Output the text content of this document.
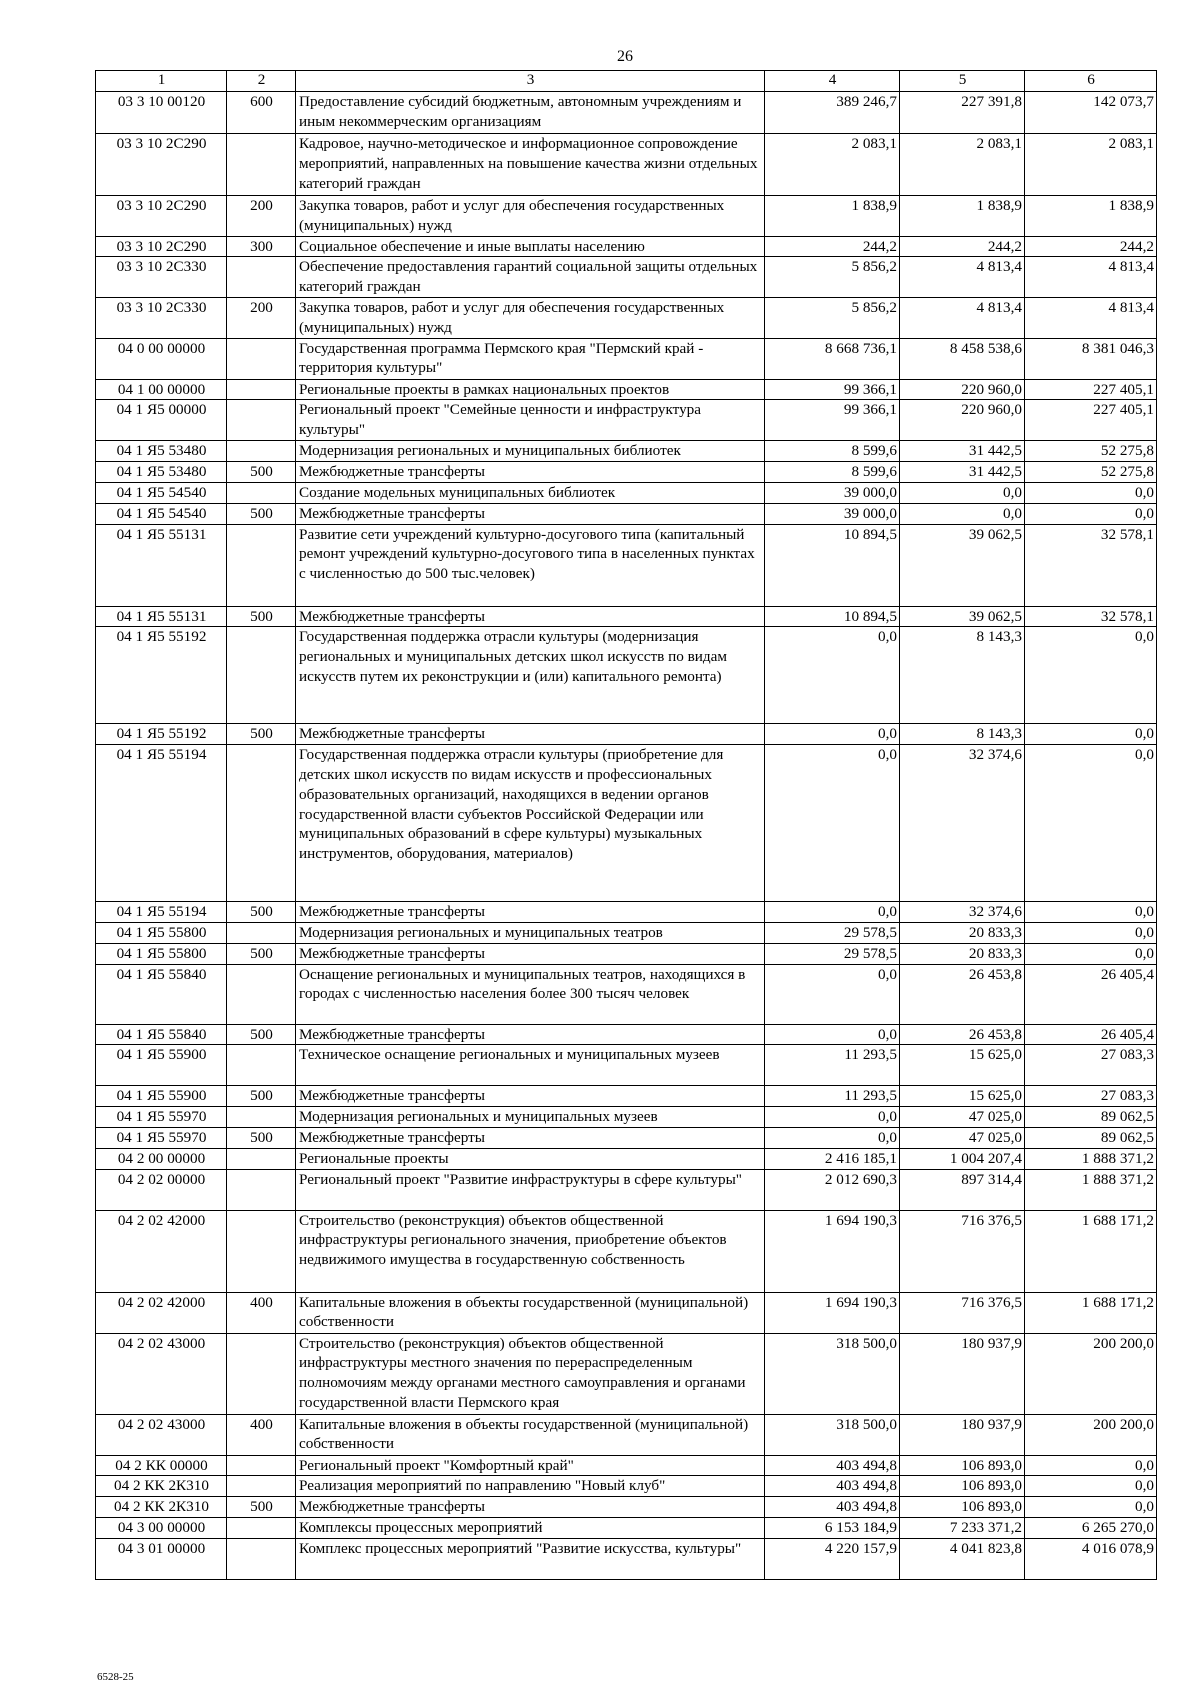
26
1	2	3	4	5	6
03 3 10 00120	600	Предоставление субсидий бюджетным, автономным учреждениям и иным некоммерческим организациям	389 246,7	227 391,8	142 073,7
03 3 10 2С290		Кадровое, научно-методическое и информационное сопровождение мероприятий, направленных на повышение качества жизни отдельных категорий граждан	2 083,1	2 083,1	2 083,1
03 3 10 2С290	200	Закупка товаров, работ и услуг для обеспечения государственных (муниципальных) нужд	1 838,9	1 838,9	1 838,9
03 3 10 2С290	300	Социальное обеспечение и иные выплаты населению	244,2	244,2	244,2
03 3 10 2С330		Обеспечение предоставления гарантий социальной защиты отдельных категорий граждан	5 856,2	4 813,4	4 813,4
03 3 10 2С330	200	Закупка товаров, работ и услуг для обеспечения государственных (муниципальных) нужд	5 856,2	4 813,4	4 813,4
04 0 00 00000		Государственная программа Пермского края "Пермский край - территория культуры"	8 668 736,1	8 458 538,6	8 381 046,3
04 1 00 00000		Региональные проекты в рамках национальных проектов	99 366,1	220 960,0	227 405,1
04 1 Я5 00000		Региональный проект "Семейные ценности и инфраструктура культуры"	99 366,1	220 960,0	227 405,1
04 1 Я5 53480		Модернизация региональных и муниципальных библиотек	8 599,6	31 442,5	52 275,8
04 1 Я5 53480	500	Межбюджетные трансферты	8 599,6	31 442,5	52 275,8
04 1 Я5 54540		Создание модельных муниципальных библиотек	39 000,0	0,0	0,0
04 1 Я5 54540	500	Межбюджетные трансферты	39 000,0	0,0	0,0
04 1 Я5 55131		Развитие сети учреждений культурно-досугового типа (капитальный ремонт учреждений культурно-досугового типа в населенных пунктах с численностью до 500 тыс.человек)	10 894,5	39 062,5	32 578,1
04 1 Я5 55131	500	Межбюджетные трансферты	10 894,5	39 062,5	32 578,1
04 1 Я5 55192		Государственная поддержка отрасли культуры (модернизация региональных и муниципальных детских школ искусств по видам искусств путем их реконструкции и (или) капитального ремонта)	0,0	8 143,3	0,0
04 1 Я5 55192	500	Межбюджетные трансферты	0,0	8 143,3	0,0
04 1 Я5 55194		Государственная поддержка отрасли культуры (приобретение для детских школ искусств по видам искусств и профессиональных образовательных организаций, находящихся в ведении органов государственной власти субъектов Российской Федерации или муниципальных образований в сфере культуры) музыкальных инструментов, оборудования, материалов)	0,0	32 374,6	0,0
04 1 Я5 55194	500	Межбюджетные трансферты	0,0	32 374,6	0,0
04 1 Я5 55800		Модернизация региональных и муниципальных театров	29 578,5	20 833,3	0,0
04 1 Я5 55800	500	Межбюджетные трансферты	29 578,5	20 833,3	0,0
04 1 Я5 55840		Оснащение региональных и муниципальных театров, находящихся в городах с численностью населения более 300 тысяч человек	0,0	26 453,8	26 405,4
04 1 Я5 55840	500	Межбюджетные трансферты	0,0	26 453,8	26 405,4
04 1 Я5 55900		Техническое оснащение региональных и муниципальных музеев	11 293,5	15 625,0	27 083,3
04 1 Я5 55900	500	Межбюджетные трансферты	11 293,5	15 625,0	27 083,3
04 1 Я5 55970		Модернизация региональных и муниципальных музеев	0,0	47 025,0	89 062,5
04 1 Я5 55970	500	Межбюджетные трансферты	0,0	47 025,0	89 062,5
04 2 00 00000		Региональные проекты	2 416 185,1	1 004 207,4	1 888 371,2
04 2 02 00000		Региональный проект "Развитие инфраструктуры в сфере культуры"	2 012 690,3	897 314,4	1 888 371,2
04 2 02 42000		Строительство (реконструкция) объектов общественной инфраструктуры регионального значения, приобретение объектов недвижимого имущества в государственную собственность	1 694 190,3	716 376,5	1 688 171,2
04 2 02 42000	400	Капитальные вложения в объекты государственной (муниципальной) собственности	1 694 190,3	716 376,5	1 688 171,2
04 2 02 43000		Строительство (реконструкция) объектов общественной инфраструктуры местного значения по перераспределенным полномочиям между органами местного самоуправления и органами государственной власти Пермского края	318 500,0	180 937,9	200 200,0
04 2 02 43000	400	Капитальные вложения в объекты государственной (муниципальной) собственности	318 500,0	180 937,9	200 200,0
04 2 КК 00000		Региональный проект "Комфортный край"	403 494,8	106 893,0	0,0
04 2 КК 2К310		Реализация мероприятий по направлению "Новый клуб"	403 494,8	106 893,0	0,0
04 2 КК 2К310	500	Межбюджетные трансферты	403 494,8	106 893,0	0,0
04 3 00 00000		Комплексы процессных мероприятий	6 153 184,9	7 233 371,2	6 265 270,0
04 3 01 00000		Комплекс процессных мероприятий "Развитие искусства, культуры"	4 220 157,9	4 041 823,8	4 016 078,9
6528-25
